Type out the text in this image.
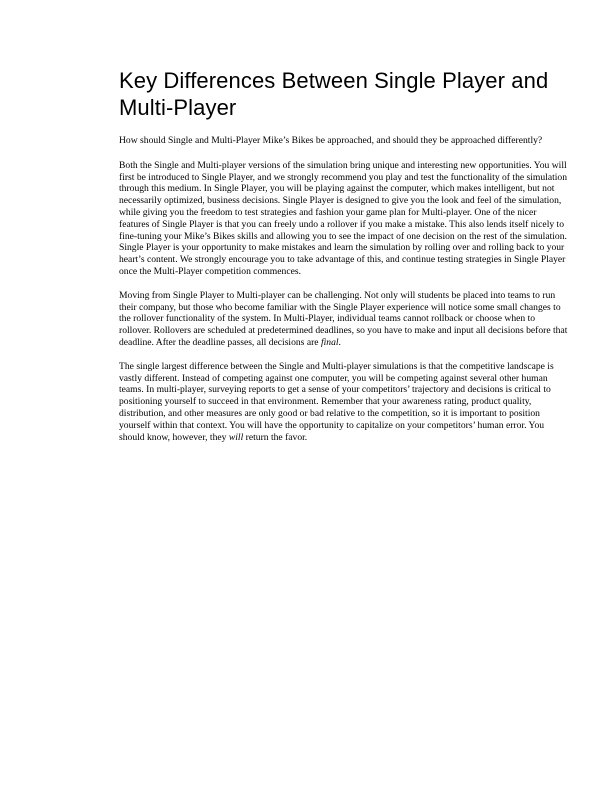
Key Differences Between Single Player and Multi-Player

How should Single and Multi-Player Mike’s Bikes be approached, and should they be approached differently?

Both the Single and Multi-player versions of the simulation bring unique and interesting new opportunities. You will first be introduced to Single Player, and we strongly recommend you play and test the functionality of the simulation through this medium. In Single Player, you will be playing against the computer, which makes intelligent, but not necessarily optimized, business decisions. Single Player is designed to give you the look and feel of the simulation, while giving you the freedom to test strategies and fashion your game plan for Multi-player. One of the nicer features of Single Player is that you can freely undo a rollover if you make a mistake. This also lends itself nicely to fine-tuning your Mike’s Bikes skills and allowing you to see the impact of one decision on the rest of the simulation. Single Player is your opportunity to make mistakes and learn the simulation by rolling over and rolling back to your heart’s content. We strongly encourage you to take advantage of this, and continue testing strategies in Single Player once the Multi-Player competition commences.

Moving from Single Player to Multi-player can be challenging. Not only will students be placed into teams to run their company, but those who become familiar with the Single Player experience will notice some small changes to the rollover functionality of the system. In Multi-Player, individual teams cannot rollback or choose when to rollover. Rollovers are scheduled at predetermined deadlines, so you have to make and input all decisions before that deadline. After the deadline passes, all decisions are final.

The single largest difference between the Single and Multi-player simulations is that the competitive landscape is vastly different. Instead of competing against one computer, you will be competing against several other human teams. In multi-player, surveying reports to get a sense of your competitors’ trajectory and decisions is critical to positioning yourself to succeed in that environment. Remember that your awareness rating, product quality, distribution, and other measures are only good or bad relative to the competition, so it is important to position yourself within that context. You will have the opportunity to capitalize on your competitors’ human error. You should know, however, they will return the favor.
